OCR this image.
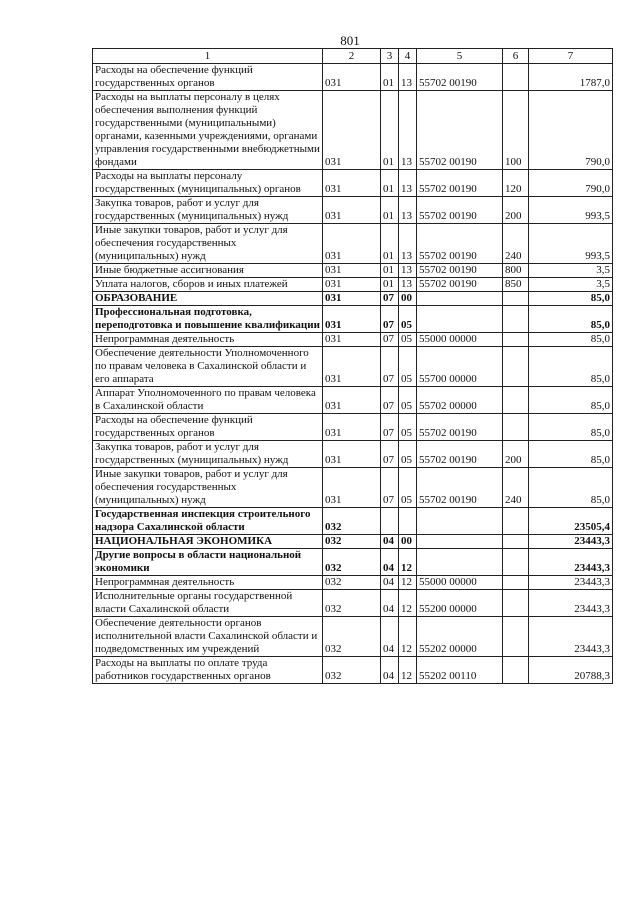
801
1	2	3	4	5	6	7
Расходы на обеспечение функций государственных органов	031	01	13	55702 00190		1787,0
Расходы на выплаты персоналу в целях обеспечения выполнения функций государственными (муниципальными) органами, казенными учреждениями, органами управления государственными внебюджетными фондами	031	01	13	55702 00190	100	790,0
Расходы на выплаты персоналу государственных (муниципальных) органов	031	01	13	55702 00190	120	790,0
Закупка товаров, работ и услуг для государственных (муниципальных) нужд	031	01	13	55702 00190	200	993,5
Иные закупки товаров, работ и услуг для обеспечения государственных (муниципальных) нужд	031	01	13	55702 00190	240	993,5
Иные бюджетные ассигнования	031	01	13	55702 00190	800	3,5
Уплата налогов, сборов и иных платежей	031	01	13	55702 00190	850	3,5
ОБРАЗОВАНИЕ	031	07	00			85,0
Профессиональная подготовка, переподготовка и повышение квалификации	031	07	05			85,0
Непрограммная деятельность	031	07	05	55000 00000		85,0
Обеспечение деятельности Уполномоченного по правам человека в Сахалинской области и его аппарата	031	07	05	55700 00000		85,0
Аппарат Уполномоченного по правам человека в Сахалинской области	031	07	05	55702 00000		85,0
Расходы на обеспечение функций государственных органов	031	07	05	55702 00190		85,0
Закупка товаров, работ и услуг для государственных (муниципальных) нужд	031	07	05	55702 00190	200	85,0
Иные закупки товаров, работ и услуг для обеспечения государственных (муниципальных) нужд	031	07	05	55702 00190	240	85,0
Государственная инспекция строительного надзора Сахалинской области	032					23505,4
НАЦИОНАЛЬНАЯ ЭКОНОМИКА	032	04	00			23443,3
Другие вопросы в области национальной экономики	032	04	12			23443,3
Непрограммная деятельность	032	04	12	55000 00000		23443,3
Исполнительные органы государственной власти Сахалинской области	032	04	12	55200 00000		23443,3
Обеспечение деятельности органов исполнительной власти Сахалинской области и подведомственных им учреждений	032	04	12	55202 00000		23443,3
Расходы на выплаты по оплате труда работников государственных органов	032	04	12	55202 00110		20788,3
